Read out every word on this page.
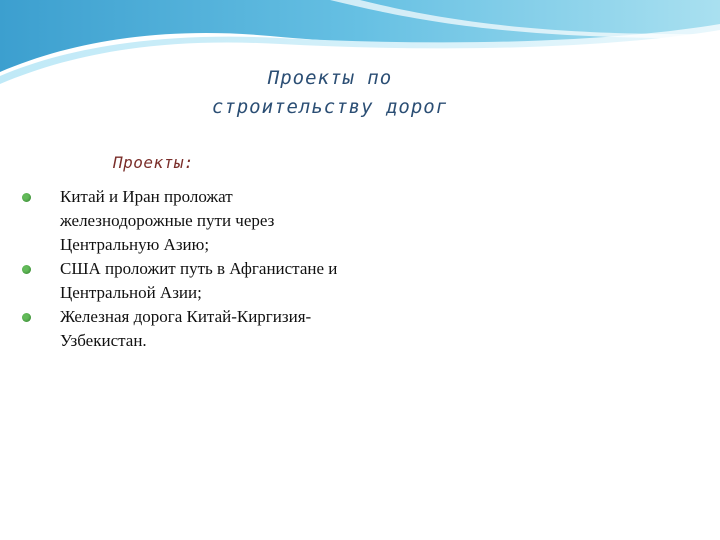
Проекты по
строительству дорог
Проекты:
Китай и Иран проложат
железнодорожные пути через
Центральную Азию;
США проложит путь в Афганистане и
Центральной Азии;
Железная дорога Китай-Киргизия-
Узбекистан.
